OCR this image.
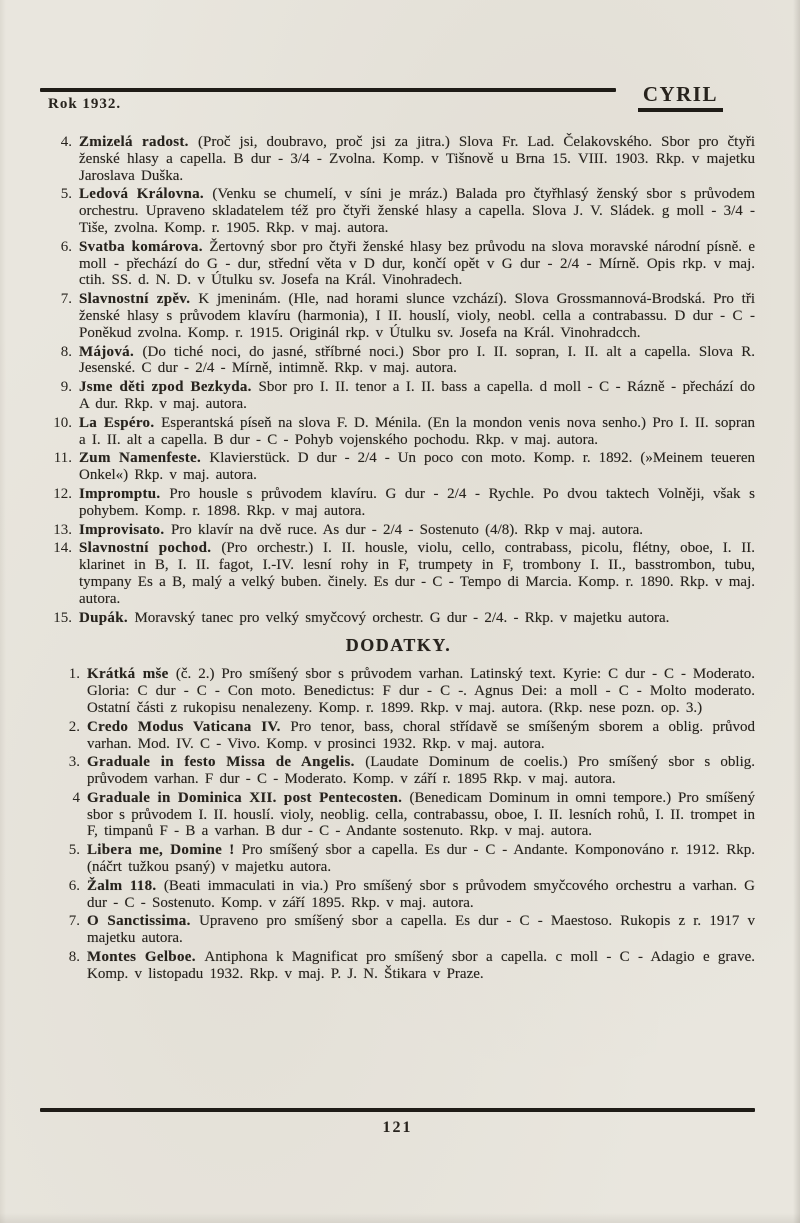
Rok 1932.	CYRIL
4. Zmizelá radost. (Proč jsi, doubravo, proč jsi za jitra.) Slova Fr. Lad. Čelakovského. Sbor pro čtyři ženské hlasy a capella. B dur - 3/4 - Zvolna. Komp. v Tišnově u Brna 15. VIII. 1903. Rkp. v majetku Jaroslava Duška.

5. Ledová Královna. (Venku se chumelí, v síni je mráz.) Balada pro čtyřhlasý ženský sbor s průvodem orchestru. Upraveno skladatelem též pro čtyři ženské hlasy a capella. Slova J. V. Sládek. g moll - 3/4 - Tiše, zvolna. Komp. r. 1905. Rkp. v maj. autora.

6. Svatba komárova. Žertovný sbor pro čtyři ženské hlasy bez průvodu na slova moravské národní písně. e moll - přechází do G - dur, střední věta v D dur, končí opět v G dur - 2/4 - Mírně. Opis rkp. v maj. ctih. SS. d. N. D. v Útulku sv. Josefa na Král. Vinohradech.

7. Slavnostní zpěv. K jmeninám. (Hle, nad horami slunce vzchází). Slova Grossmannová-Brodská. Pro tři ženské hlasy s průvodem klavíru (harmonia), I II. houslí, violy, neobl. cella a contrabassu. D dur - C - Poněkud zvolna. Komp. r. 1915. Originál rkp. v Útulku sv. Josefa na Král. Vinohradcch.

8. Májová. (Do tiché noci, do jasné, stříbrné noci.) Sbor pro I. II. sopran, I. II. alt a capella. Slova R. Jesenské. C dur - 2/4 - Mírně, intimně. Rkp. v maj. autora.

9. Jsme děti zpod Bezkyda. Sbor pro I. II. tenor a I. II. bass a capella. d moll - C - Rázně - přechází do A dur. Rkp. v maj. autora.

10. La Espéro. Esperantská píseň na slova F. D. Ménila. (En la mondon venis nova senho.) Pro I. II. sopran a I. II. alt a capella. B dur - C - Pohyb vojenského pochodu. Rkp. v maj. autora.

11. Zum Namenfeste. Klavierstück. D dur - 2/4 - Un poco con moto. Komp. r. 1892. (»Meinem teueren Onkel«) Rkp. v maj. autora.

12. Impromptu. Pro housle s průvodem klavíru. G dur - 2/4 - Rychle. Po dvou taktech Volněji, však s pohybem. Komp. r. 1898. Rkp. v maj autora.

13. Improvisato. Pro klavír na dvě ruce. As dur - 2/4 - Sostenuto (4/8). Rkp v maj. autora.

14. Slavnostní pochod. (Pro orchestr.) I. II. housle, violu, cello, contrabass, picolu, flétny, oboe, I. II. klarinet in B, I. II. fagot, I.-IV. lesní rohy in F, trumpety in F, trombony I. II., basstrombon, tubu, tympany Es a B, malý a velký buben. činely. Es dur - C - Tempo di Marcia. Komp. r. 1890. Rkp. v maj. autora.

15. Dupák. Moravský tanec pro velký smyčcový orchestr. G dur - 2/4. - Rkp. v majetku autora.

DODATKY.
1. Krátká mše (č. 2.) Pro smíšený sbor s průvodem varhan. Latinský text. Kyrie: C dur - C - Moderato. Gloria: C dur - C - Con moto. Benedictus: F dur - C -. Agnus Dei: a moll - C - Molto moderato. Ostatní části z rukopisu nenalezeny. Komp. r. 1899. Rkp. v maj. autora. (Rkp. nese pozn. op. 3.)

2. Credo Modus Vaticana IV. Pro tenor, bass, choral střídavě se smíšeným sborem a oblig. průvod varhan. Mod. IV. C - Vivo. Komp. v prosinci 1932. Rkp. v maj. autora.

3. Graduale in festo Missa de Angelis. (Laudate Dominum de coelis.) Pro smíšený sbor s oblig. průvodem varhan. F dur - C - Moderato. Komp. v září r. 1895 Rkp. v maj. autora.

4 Graduale in Dominica XII. post Pentecosten. (Benedicam Dominum in omni tempore.) Pro smíšený sbor s průvodem I. II. houslí. violy, neoblig. cella, contrabassu, oboe, I. II. lesních rohů, I. II. trompet in F, timpanů F - B a varhan. B dur - C - Andante sostenuto. Rkp. v maj. autora.

5. Libera me, Domine ! Pro smíšený sbor a capella. Es dur - C - Andante. Komponováno r. 1912. Rkp. (náčrt tužkou psaný) v majetku autora.

6. Žalm 118. (Beati immaculati in via.) Pro smíšený sbor s průvodem smyčcového orchestru a varhan. G dur - C - Sostenuto. Komp. v září 1895. Rkp. v maj. autora.

7. O Sanctissima. Upraveno pro smíšený sbor a capella. Es dur - C - Maestoso. Rukopis z r. 1917 v majetku autora.

8. Montes Gelboe. Antiphona k Magnificat pro smíšený sbor a capella. c moll - C - Adagio e grave. Komp. v listopadu 1932. Rkp. v maj. P. J. N. Štikara v Praze.

121
